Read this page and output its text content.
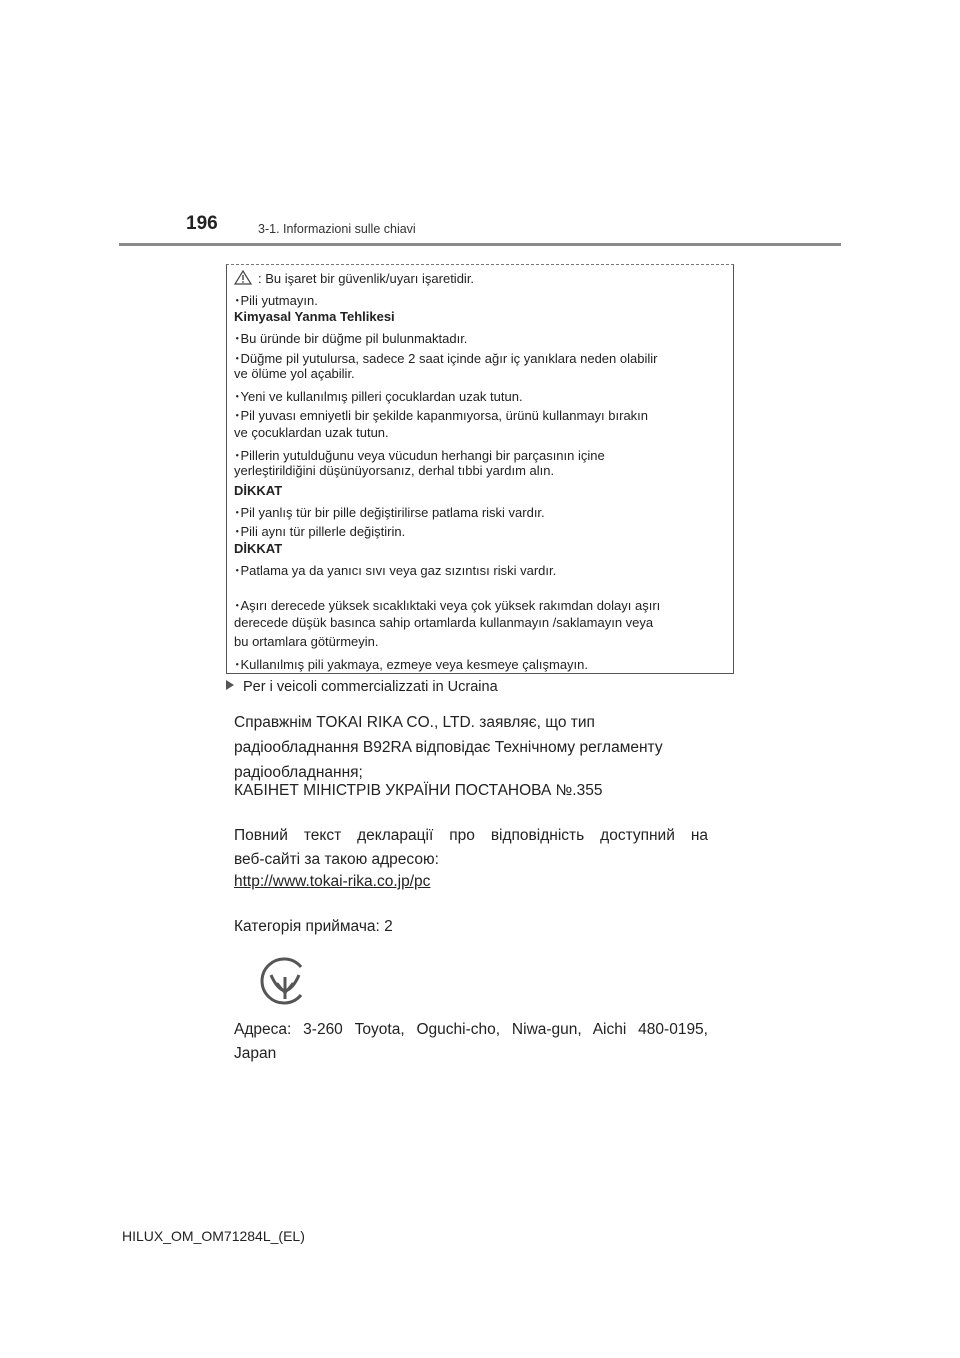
196	3-1. Informazioni sulle chiavi
: Bu işaret bir güvenlik/uyarı işaretidir.
･Pili yutmayın.
Kimyasal Yanma Tehlikesi
･Bu üründe bir düğme pil bulunmaktadır.
･Düğme pil yutulursa, sadece 2 saat içinde ağır iç yanıklara neden olabilir
ve ölüme yol açabilir.
･Yeni ve kullanılmış pilleri çocuklardan uzak tutun.
･Pil yuvası emniyetli bir şekilde kapanmıyorsa, ürünü kullanmayı bırakın
ve çocuklardan uzak tutun.
･Pillerin yutulduğunu veya vücudun herhangi bir parçasının içine
yerleştirildiğini düşünüyorsanız, derhal tıbbi yardım alın.
DİKKAT
･Pil yanlış tür bir pille değiştirilirse patlama riski vardır.
･Pili aynı tür pillerle değiştirin.
DİKKAT
･Patlama ya da yanıcı sıvı veya gaz sızıntısı riski vardır.
･Aşırı derecede yüksek sıcaklıktaki veya çok yüksek rakımdan dolayı aşırı
derecede düşük basınca sahip ortamlarda kullanmayın /saklamayın veya
bu ortamlara götürmeyin.
･Kullanılmış pili yakmaya, ezmeye veya kesmeye çalışmayın.
Per i veicoli commercializzati in Ucraina
Справжнім TOKAI RIKA CO., LTD. заявляє, що тип
радіообладнання B92RA відповідає Технічному регламенту
радіообладнання;
КАБІНЕТ МІНІСТРІВ УКРАЇНИ ПОСТАНОВА №.355
Повний текст декларації про відповідність доступний на
веб-сайті за такою адресою:
http://www.tokai-rika.co.jp/pc
Категорія приймача: 2
Адреса: 3-260 Toyota, Oguchi-cho, Niwa-gun, Aichi 480-0195,
Japan
HILUX_OM_OM71284L_(EL)
